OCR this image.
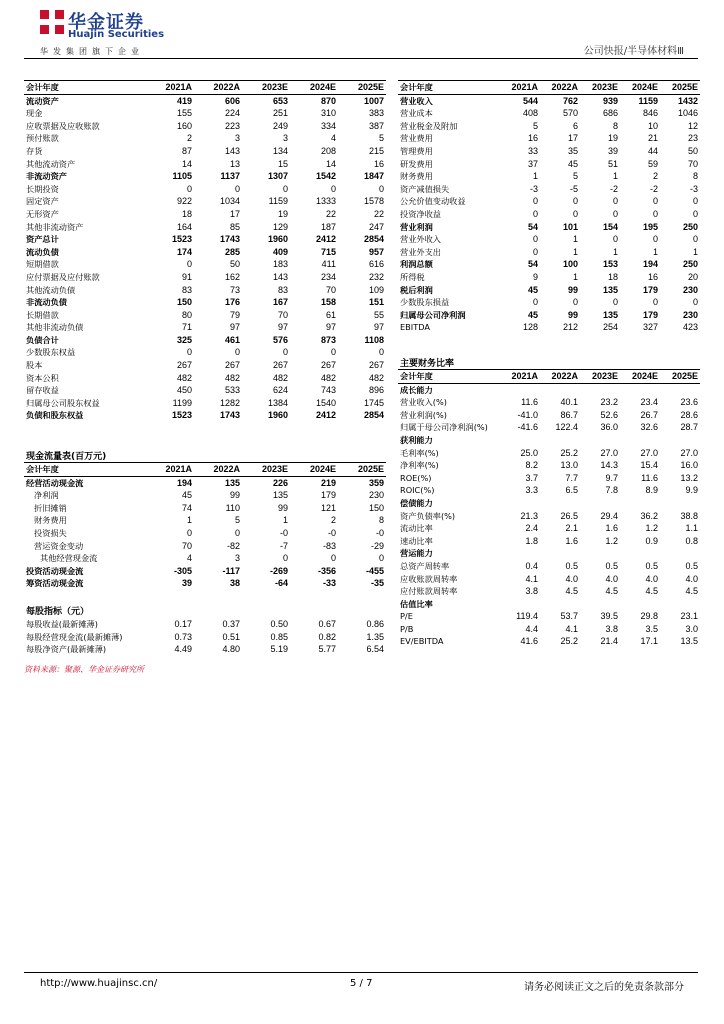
华金证券
Huajin Securities
华发集团旗下企业	公司快报/半导体材料Ⅲ
会计年度	2021A	2022A	2023E	2024E	2025E
流动资产	419	606	653	870	1007
现金	155	224	251	310	383
应收票据及应收账款	160	223	249	334	387
预付账款	2	3	3	4	5
存货	87	143	134	208	215
其他流动资产	14	13	15	14	16
非流动资产	1105	1137	1307	1542	1847
长期投资	0	0	0	0	0
固定资产	922	1034	1159	1333	1578
无形资产	18	17	19	22	22
其他非流动资产	164	85	129	187	247
资产总计	1523	1743	1960	2412	2854
流动负债	174	285	409	715	957
短期借款	0	50	183	411	616
应付票据及应付账款	91	162	143	234	232
其他流动负债	83	73	83	70	109
非流动负债	150	176	167	158	151
长期借款	80	79	70	61	55
其他非流动负债	71	97	97	97	97
负债合计	325	461	576	873	1108
少数股东权益	0	0	0	0	0
股本	267	267	267	267	267
资本公积	482	482	482	482	482
留存收益	450	533	624	743	896
归属母公司股东权益	1199	1282	1384	1540	1745
负债和股东权益	1523	1743	1960	2412	2854
现金流量表(百万元)
会计年度	2021A	2022A	2023E	2024E	2025E
经营活动现金流	194	135	226	219	359
净利润	45	99	135	179	230
折旧摊销	74	110	99	121	150
财务费用	1	5	1	2	8
投资损失	0	0	-0	-0	-0
营运资金变动	70	-82	-7	-83	-29
其他经营现金流	4	3	0	0	0
投资活动现金流	-305	-117	-269	-356	-455
筹资活动现金流	39	38	-64	-33	-35
每股指标（元）
每股收益(最新摊薄)	0.17	0.37	0.50	0.67	0.86
每股经营现金流(最新摊薄)	0.73	0.51	0.85	0.82	1.35
每股净资产(最新摊薄)	4.49	4.80	5.19	5.77	6.54
会计年度	2021A	2022A	2023E	2024E	2025E
营业收入	544	762	939	1159	1432
营业成本	408	570	686	846	1046
营业税金及附加	5	6	8	10	12
营业费用	16	17	19	21	23
管理费用	33	35	39	44	50
研发费用	37	45	51	59	70
财务费用	1	5	1	2	8
资产减值损失	-3	-5	-2	-2	-3
公允价值变动收益	0	0	0	0	0
投资净收益	0	0	0	0	0
营业利润	54	101	154	195	250
营业外收入	0	1	0	0	0
营业外支出	0	1	1	1	1
利润总额	54	100	153	194	250
所得税	9	1	18	16	20
税后利润	45	99	135	179	230
少数股东损益	0	0	0	0	0
归属母公司净利润	45	99	135	179	230
EBITDA	128	212	254	327	423
主要财务比率
会计年度	2021A	2022A	2023E	2024E	2025E
成长能力					
营业收入(%)	11.6	40.1	23.2	23.4	23.6
营业利润(%)	-41.0	86.7	52.6	26.7	28.6
归属于母公司净利润(%)	-41.6	122.4	36.0	32.6	28.7
获利能力					
毛利率(%)	25.0	25.2	27.0	27.0	27.0
净利率(%)	8.2	13.0	14.3	15.4	16.0
ROE(%)	3.7	7.7	9.7	11.6	13.2
ROIC(%)	3.3	6.5	7.8	8.9	9.9
偿债能力					
资产负债率(%)	21.3	26.5	29.4	36.2	38.8
流动比率	2.4	2.1	1.6	1.2	1.1
速动比率	1.8	1.6	1.2	0.9	0.8
营运能力					
总资产周转率	0.4	0.5	0.5	0.5	0.5
应收账款周转率	4.1	4.0	4.0	4.0	4.0
应付账款周转率	3.8	4.5	4.5	4.5	4.5
估值比率					
P/E	119.4	53.7	39.5	29.8	23.1
P/B	4.4	4.1	3.8	3.5	3.0
EV/EBITDA	41.6	25.2	21.4	17.1	13.5
资料来源：聚源、华金证券研究所
http://www.huajinsc.cn/	5 / 7	请务必阅读正文之后的免责条款部分
